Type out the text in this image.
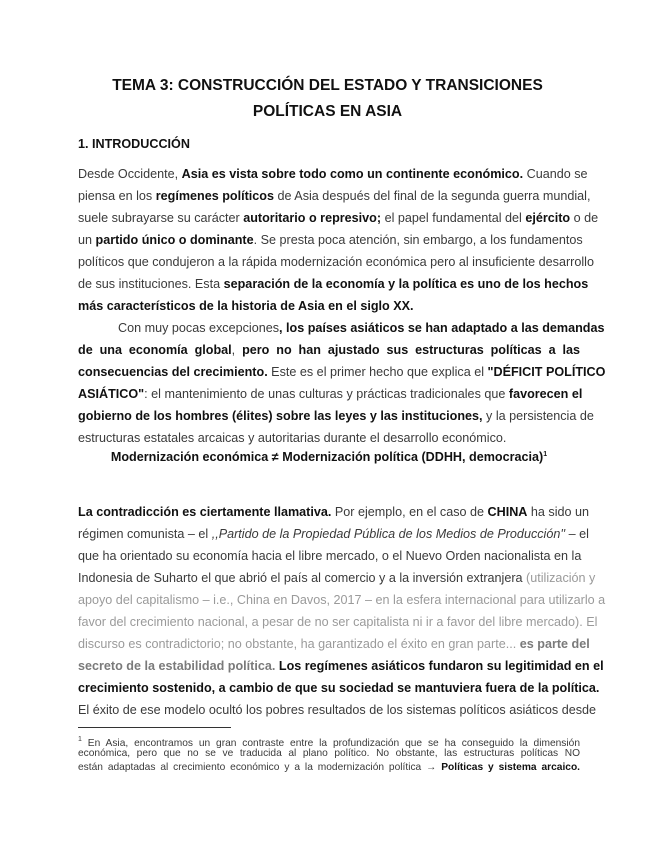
TEMA 3: CONSTRUCCIÓN DEL ESTADO Y TRANSICIONES
POLÍTICAS EN ASIA
1. INTRODUCCIÓN
Desde Occidente, Asia es vista sobre todo como un continente económico. Cuando se
piensa en los regímenes políticos de Asia después del final de la segunda guerra mundial,
suele subrayarse su carácter autoritario o represivo; el papel fundamental del ejército o de
un partido único o dominante. Se presta poca atención, sin embargo, a los fundamentos
políticos que condujeron a la rápida modernización económica pero al insuficiente desarrollo
de sus instituciones. Esta separación de la economía y la política es uno de los hechos
más característicos de la historia de Asia en el siglo XX.
Con muy pocas excepciones, los países asiáticos se han adaptado a las demandas
de una economía global, pero no han ajustado sus estructuras políticas a las
consecuencias del crecimiento. Este es el primer hecho que explica el "DÉFICIT POLÍTICO
ASIÁTICO": el mantenimiento de unas culturas y prácticas tradicionales que favorecen el
gobierno de los hombres (élites) sobre las leyes y las instituciones, y la persistencia de
estructuras estatales arcaicas y autoritarias durante el desarrollo económico.
Modernización económica ≠ Modernización política (DDHH, democracia)$^1$
La contradicción es ciertamente llamativa. Por ejemplo, en el caso de CHINA ha sido un
régimen comunista – el ,,Partido de la Propiedad Pública de los Medios de Producción'' – el
que ha orientado su economía hacia el libre mercado, o el Nuevo Orden nacionalista en la
Indonesia de Suharto el que abrió el país al comercio y a la inversión extranjera (utilización y
apoyo del capitalismo – i.e., China en Davos, 2017 – en la esfera internacional para utilizarlo a
favor del crecimiento nacional, a pesar de no ser capitalista ni ir a favor del libre mercado). El
discurso es contradictorio; no obstante, ha garantizado el éxito en gran parte... es parte del
secreto de la estabilidad política. Los regímenes asiáticos fundaron su legitimidad en el
crecimiento sostenido, a cambio de que su sociedad se mantuviera fuera de la política.
El éxito de ese modelo ocultó los pobres resultados de los sistemas políticos asiáticos desde
$^1$ En Asia, encontramos un gran contraste entre la profundización que se ha conseguido la dimensión
económica, pero que no se ve traducida al plano político. No obstante, las estructuras políticas NO
están adaptadas al crecimiento económico y a la modernización política → Políticas y sistema arcaico.
